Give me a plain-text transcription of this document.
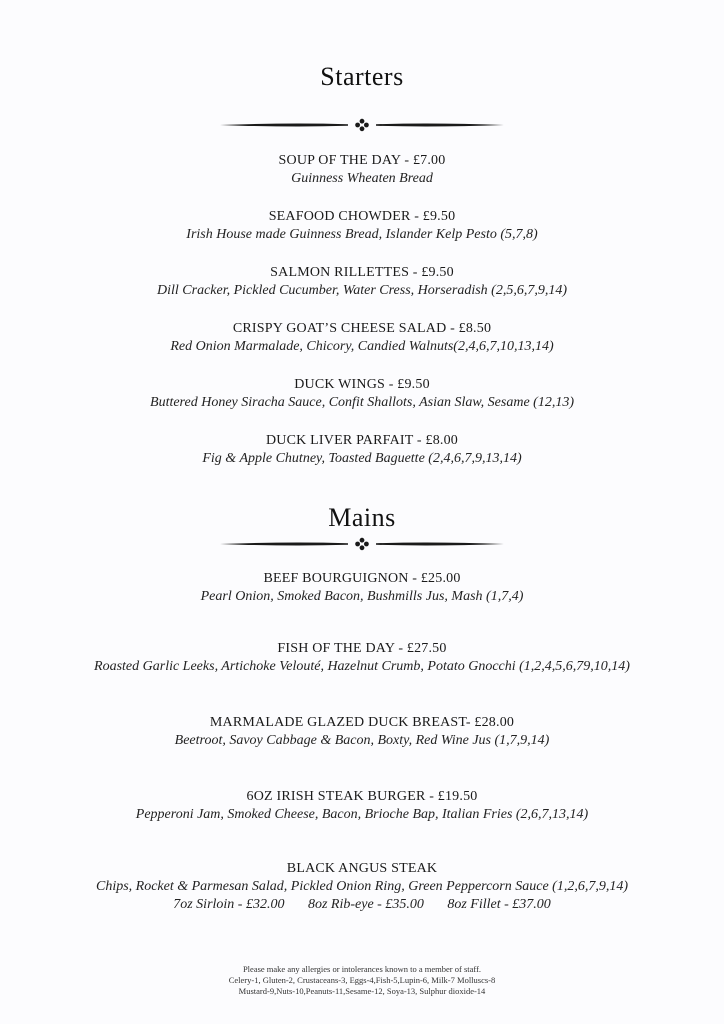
Starters
SOUP OF THE DAY - £7.00
Guinness Wheaten Bread
SEAFOOD CHOWDER - £9.50
Irish House made Guinness Bread, Islander Kelp Pesto (5,7,8)
SALMON RILLETTES - £9.50
Dill Cracker, Pickled Cucumber, Water Cress, Horseradish (2,5,6,7,9,14)
CRISPY GOAT’S CHEESE SALAD - £8.50
Red Onion Marmalade, Chicory, Candied Walnuts(2,4,6,7,10,13,14)
DUCK WINGS - £9.50
Buttered Honey Siracha Sauce, Confit Shallots, Asian Slaw, Sesame (12,13)
DUCK LIVER PARFAIT - £8.00
Fig & Apple Chutney, Toasted Baguette (2,4,6,7,9,13,14)
Mains
BEEF BOURGUIGNON - £25.00
Pearl Onion, Smoked Bacon, Bushmills Jus, Mash (1,7,4)
FISH OF THE DAY - £27.50
Roasted Garlic Leeks, Artichoke Velouté, Hazelnut Crumb, Potato Gnocchi (1,2,4,5,6,79,10,14)
MARMALADE GLAZED DUCK BREAST- £28.00
Beetroot, Savoy Cabbage & Bacon, Boxty, Red Wine Jus (1,7,9,14)
6OZ IRISH STEAK BURGER - £19.50
Pepperoni Jam, Smoked Cheese, Bacon, Brioche Bap, Italian Fries (2,6,7,13,14)
BLACK ANGUS STEAK
Chips, Rocket & Parmesan Salad, Pickled Onion Ring, Green Peppercorn Sauce (1,2,6,7,9,14)
7oz Sirloin - £32.00 8oz Rib-eye - £35.00 8oz Fillet - £37.00
Please make any allergies or intolerances known to a member of staff.
Celery-1, Gluten-2, Crustaceans-3, Eggs-4,Fish-5,Lupin-6, Milk-7 Molluscs-8
Mustard-9,Nuts-10,Peanuts-11,Sesame-12, Soya-13, Sulphur dioxide-14
